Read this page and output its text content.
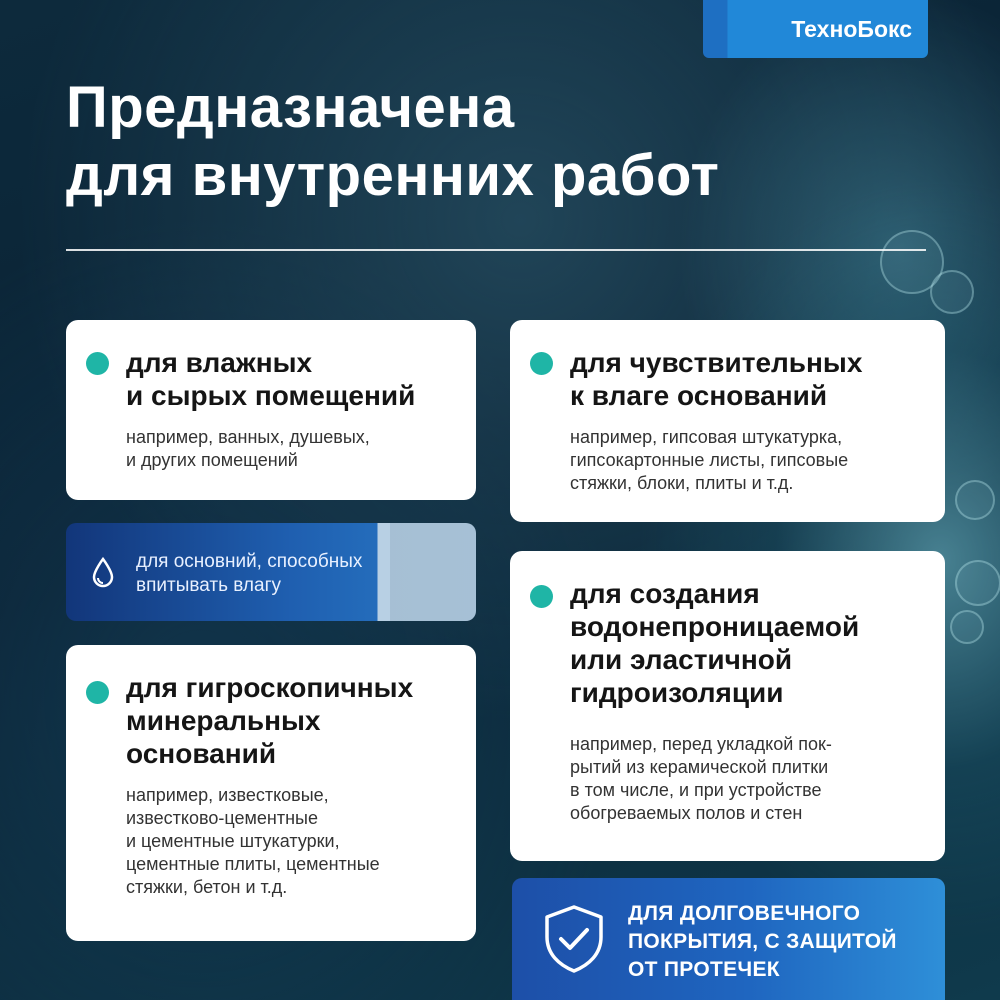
ТехноБокс
Предназначена
для внутренних работ
для влажных
и сырых помещений

например, ванных, душевых,
и других помещений

для чувствительных
к влаге оснований

например, гипсовая штукатурка,
гипсокартонные листы, гипсовые
стяжки, блоки, плиты и т.д.

для основний, способных
впитывать влагу
для гигроскопичных
минеральных
оснований

например, известковые,
известково-цементные
и цементные штукатурки,
цементные плиты, цементные
стяжки, бетон и т.д.

для создания
водонепроницаемой
или эластичной
гидроизоляции

например, перед укладкой пок-
рытий из керамической плитки
в том числе, и при устройстве
обогреваемых полов и стен

ДЛЯ ДОЛГОВЕЧНОГО
ПОКРЫТИЯ, С ЗАЩИТОЙ
ОТ ПРОТЕЧЕК
